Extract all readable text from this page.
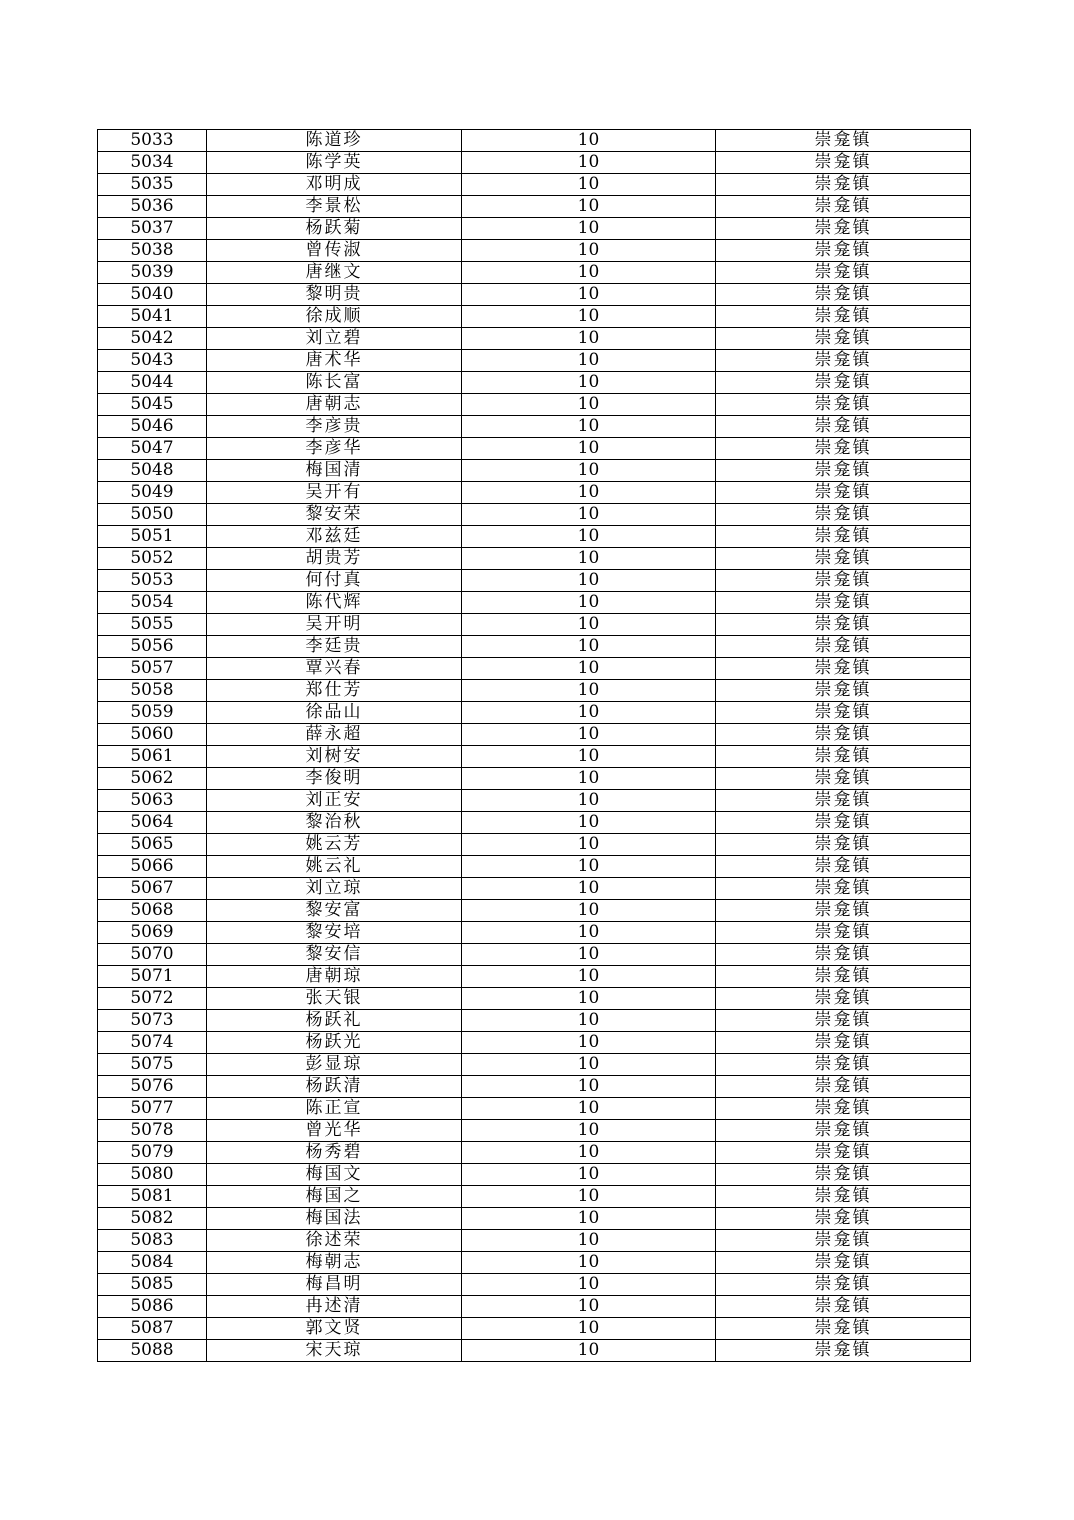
5033	陈道珍	10	崇龛镇
5034	陈学英	10	崇龛镇
5035	邓明成	10	崇龛镇
5036	李景松	10	崇龛镇
5037	杨跃菊	10	崇龛镇
5038	曾传淑	10	崇龛镇
5039	唐继文	10	崇龛镇
5040	黎明贵	10	崇龛镇
5041	徐成顺	10	崇龛镇
5042	刘立碧	10	崇龛镇
5043	唐术华	10	崇龛镇
5044	陈长富	10	崇龛镇
5045	唐朝志	10	崇龛镇
5046	李彦贵	10	崇龛镇
5047	李彦华	10	崇龛镇
5048	梅国清	10	崇龛镇
5049	吴开有	10	崇龛镇
5050	黎安荣	10	崇龛镇
5051	邓兹廷	10	崇龛镇
5052	胡贵芳	10	崇龛镇
5053	何付真	10	崇龛镇
5054	陈代辉	10	崇龛镇
5055	吴开明	10	崇龛镇
5056	李廷贵	10	崇龛镇
5057	覃兴春	10	崇龛镇
5058	郑仕芳	10	崇龛镇
5059	徐品山	10	崇龛镇
5060	薛永超	10	崇龛镇
5061	刘树安	10	崇龛镇
5062	李俊明	10	崇龛镇
5063	刘正安	10	崇龛镇
5064	黎治秋	10	崇龛镇
5065	姚云芳	10	崇龛镇
5066	姚云礼	10	崇龛镇
5067	刘立琼	10	崇龛镇
5068	黎安富	10	崇龛镇
5069	黎安培	10	崇龛镇
5070	黎安信	10	崇龛镇
5071	唐朝琼	10	崇龛镇
5072	张天银	10	崇龛镇
5073	杨跃礼	10	崇龛镇
5074	杨跃光	10	崇龛镇
5075	彭显琼	10	崇龛镇
5076	杨跃清	10	崇龛镇
5077	陈正宣	10	崇龛镇
5078	曾光华	10	崇龛镇
5079	杨秀碧	10	崇龛镇
5080	梅国文	10	崇龛镇
5081	梅国之	10	崇龛镇
5082	梅国法	10	崇龛镇
5083	徐述荣	10	崇龛镇
5084	梅朝志	10	崇龛镇
5085	梅昌明	10	崇龛镇
5086	冉述清	10	崇龛镇
5087	郭文贤	10	崇龛镇
5088	宋天琼	10	崇龛镇
